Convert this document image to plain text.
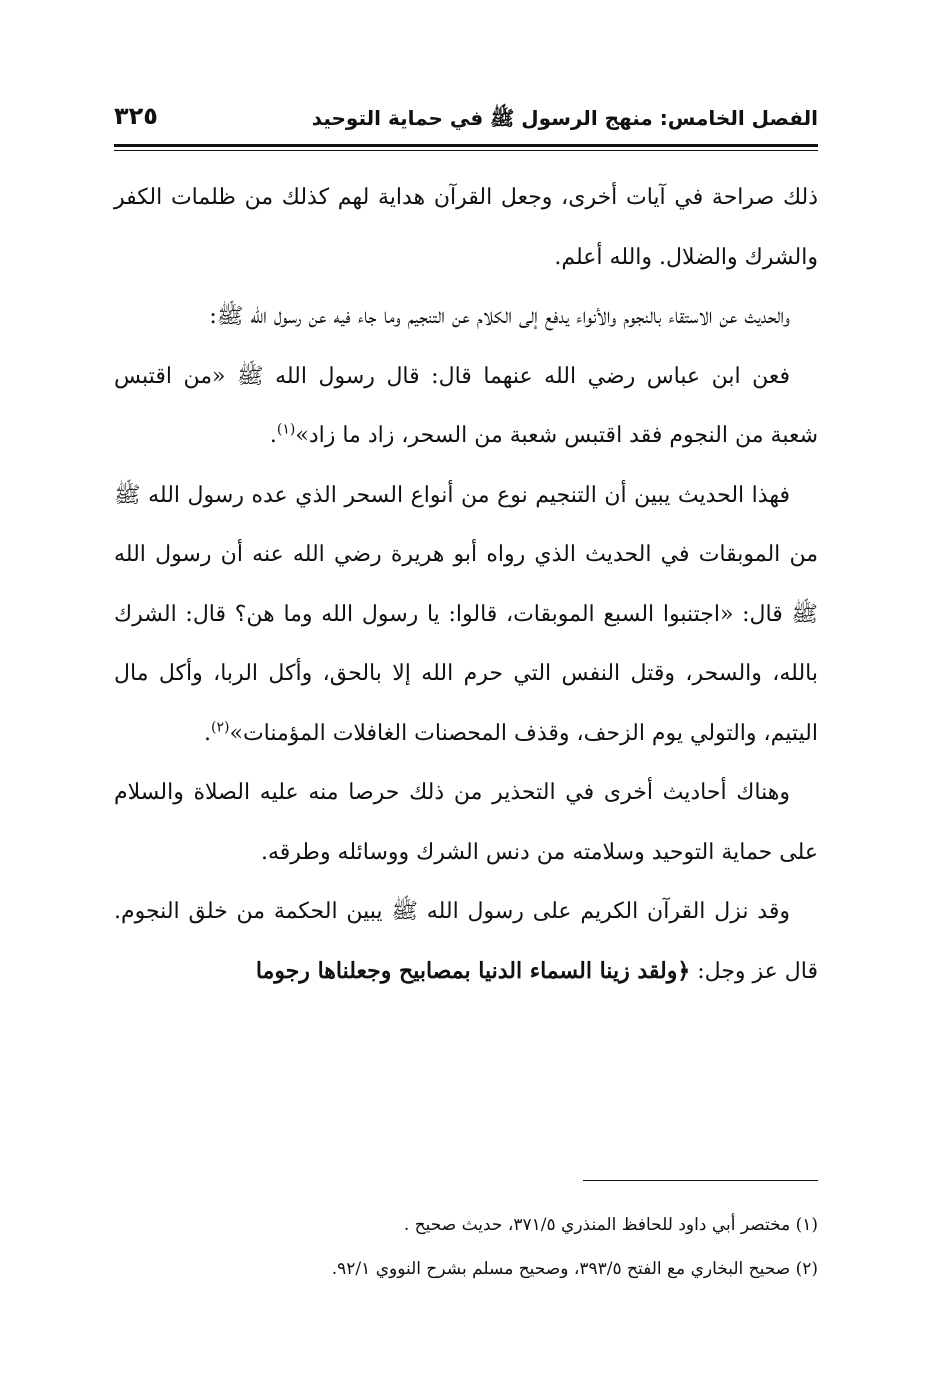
الفصل الخامس: منهج الرسول ﷺ في حماية التوحيد
٣٢٥

ذلك صراحة في آيات أخرى، وجعل القرآن هداية لهم كذلك من ظلمات الكفر والشرك والضلال. والله أعلم.

والحديث عن الاستقاء بالنجوم والأنواء يدفع إلى الكلام عن التنجيم وما جاء فيه عن رسول الله ﷺ:

فعن ابن عباس رضي الله عنهما قال: قال رسول الله ﷺ «من اقتبس شعبة من النجوم فقد اقتبس شعبة من السحر، زاد ما زاد»$^{(١)}$.

فهذا الحديث يبين أن التنجيم نوع من أنواع السحر الذي عده رسول الله ﷺ من الموبقات في الحديث الذي رواه أبو هريرة رضي الله عنه أن رسول الله ﷺ قال: «اجتنبوا السبع الموبقات، قالوا: يا رسول الله وما هن؟ قال: الشرك بالله، والسحر، وقتل النفس التي حرم الله إلا بالحق، وأكل الربا، وأكل مال اليتيم، والتولي يوم الزحف، وقذف المحصنات الغافلات المؤمنات»$^{(٢)}$.

وهناك أحاديث أخرى في التحذير من ذلك حرصا منه عليه الصلاة والسلام على حماية التوحيد وسلامته من دنس الشرك ووسائله وطرقه.

وقد نزل القرآن الكريم على رسول الله ﷺ يبين الحكمة من خلق النجوم. قال عز وجل: ﴿ولقد زينا السماء الدنيا بمصابيح وجعلناها رجوما

(١) مختصر أبي داود للحافظ المنذري ٣٧١/٥، حديث صحيح .

(٢) صحيح البخاري مع الفتح ٣٩٣/٥، وصحيح مسلم بشرح النووي ٩٢/١.
